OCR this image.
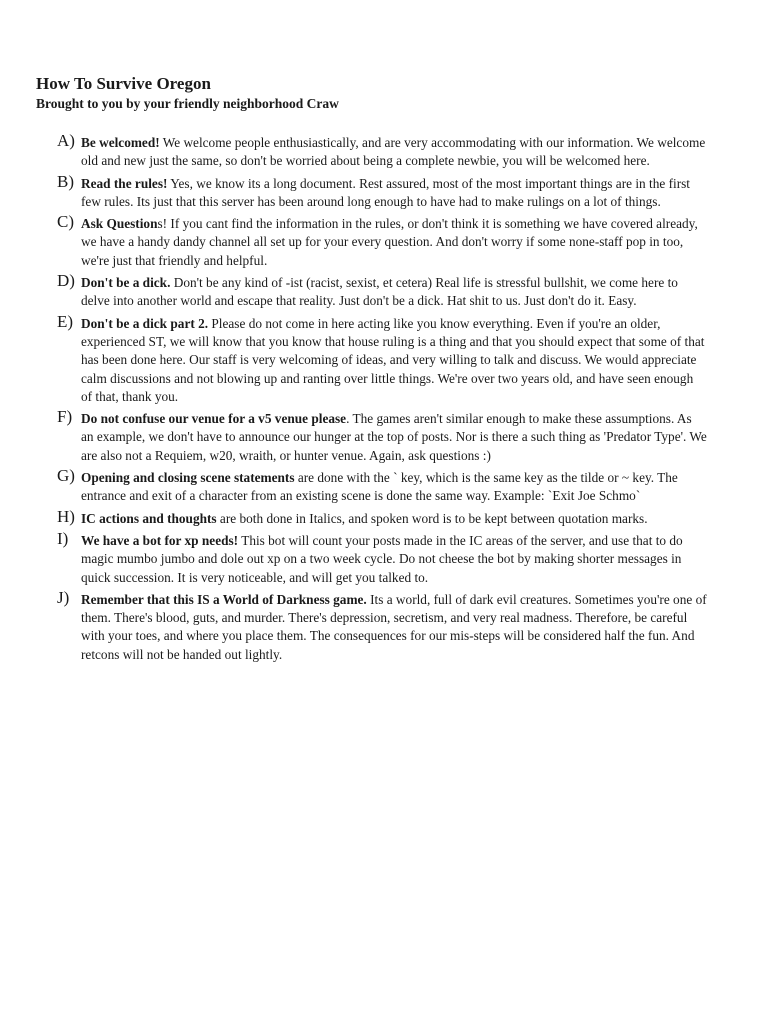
How To Survive Oregon
Brought to you by your friendly neighborhood Craw
A) Be welcomed! We welcome people enthusiastically, and are very accommodating with our information. We welcome old and new just the same, so don't be worried about being a complete newbie, you will be welcomed here.
B) Read the rules! Yes, we know its a long document. Rest assured, most of the most important things are in the first few rules. Its just that this server has been around long enough to have had to make rulings on a lot of things.
C) Ask Questions! If you cant find the information in the rules, or don't think it is something we have covered already, we have a handy dandy channel all set up for your every question. And don't worry if some none-staff pop in too, we're just that friendly and helpful.
D) Don't be a dick. Don't be any kind of -ist (racist, sexist, et cetera) Real life is stressful bullshit, we come here to delve into another world and escape that reality. Just don't be a dick. Hat shit to us. Just don't do it. Easy.
E) Don't be a dick part 2. Please do not come in here acting like you know everything. Even if you're an older, experienced ST, we will know that you know that house ruling is a thing and that you should expect that some of that has been done here. Our staff is very welcoming of ideas, and very willing to talk and discuss. We would appreciate calm discussions and not blowing up and ranting over little things. We're over two years old, and have seen enough of that, thank you.
F) Do not confuse our venue for a v5 venue please. The games aren't similar enough to make these assumptions. As an example, we don't have to announce our hunger at the top of posts. Nor is there a such thing as 'Predator Type'. We are also not a Requiem, w20, wraith, or hunter venue. Again, ask questions :)
G) Opening and closing scene statements are done with the ` key, which is the same key as the tilde or ~ key. The entrance and exit of a character from an existing scene is done the same way. Example: `Exit Joe Schmo`
H) IC actions and thoughts are both done in Italics, and spoken word is to be kept between quotation marks.
I) We have a bot for xp needs! This bot will count your posts made in the IC areas of the server, and use that to do magic mumbo jumbo and dole out xp on a two week cycle. Do not cheese the bot by making shorter messages in quick succession. It is very noticeable, and will get you talked to.
J) Remember that this IS a World of Darkness game. Its a world, full of dark evil creatures. Sometimes you're one of them. There's blood, guts, and murder. There's depression, secretism, and very real madness. Therefore, be careful with your toes, and where you place them. The consequences for our mis-steps will be considered half the fun. And retcons will not be handed out lightly.
